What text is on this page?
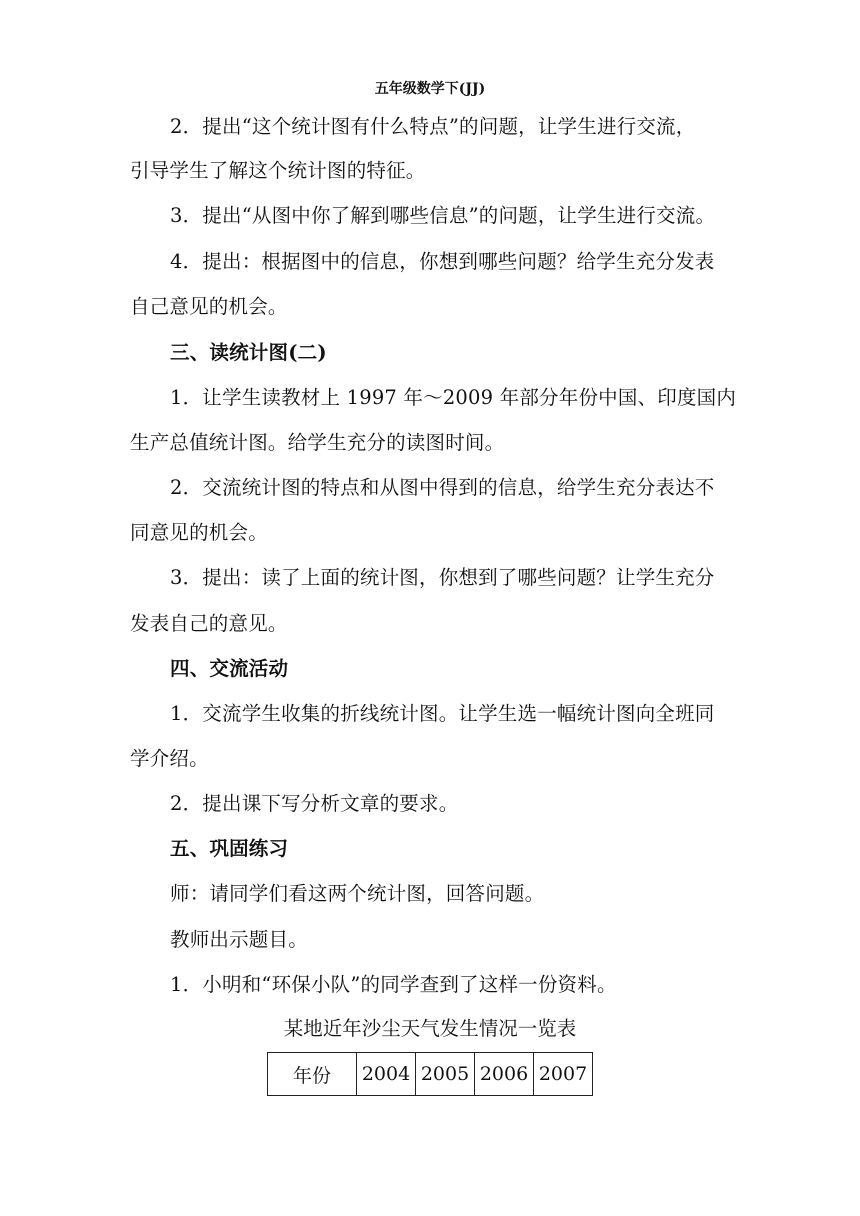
五年级数学下(JJ)
2．提出“这个统计图有什么特点”的问题，让学生进行交流，
引导学生了解这个统计图的特征。
3．提出“从图中你了解到哪些信息”的问题，让学生进行交流。
4．提出：根据图中的信息，你想到哪些问题？给学生充分发表
自己意见的机会。
三、读统计图(二)
1．让学生读教材上 1997 年～2009 年部分年份中国、印度国内
生产总值统计图。给学生充分的读图时间。
2．交流统计图的特点和从图中得到的信息，给学生充分表达不
同意见的机会。
3．提出：读了上面的统计图，你想到了哪些问题？让学生充分
发表自己的意见。
四、交流活动
1．交流学生收集的折线统计图。让学生选一幅统计图向全班同
学介绍。
2．提出课下写分析文章的要求。
五、巩固练习
师：请同学们看这两个统计图，回答问题。
教师出示题目。
1．小明和“环保小队”的同学查到了这样一份资料。
某地近年沙尘天气发生情况一览表
年份	2004	2005	2006	2007
